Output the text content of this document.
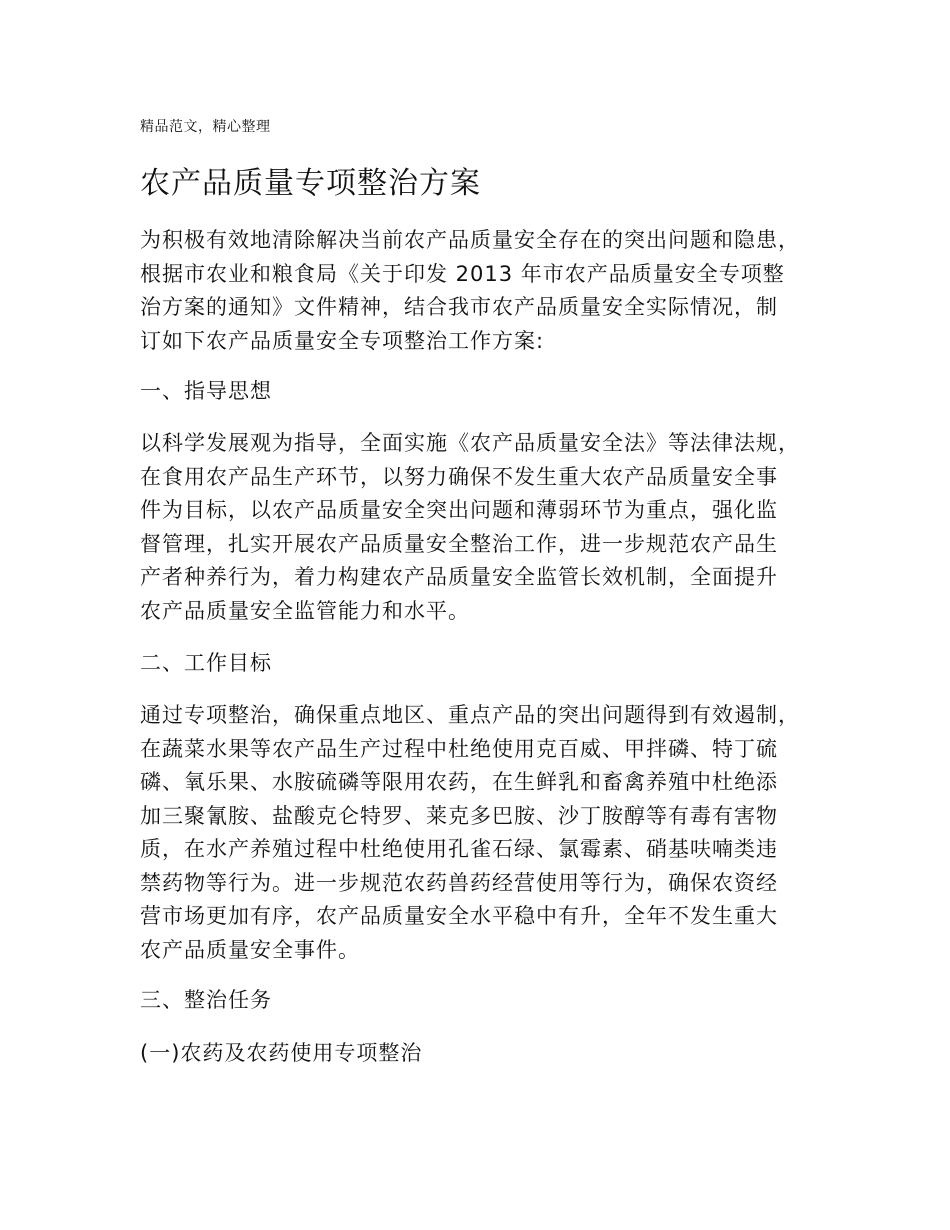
精品范文，精心整理
农产品质量专项整治方案

为积极有效地清除解决当前农产品质量安全存在的突出问题和隐患，
根据市农业和粮食局《关于印发 2013 年市农产品质量安全专项整
治方案的通知》文件精神，结合我市农产品质量安全实际情况，制
订如下农产品质量安全专项整治工作方案:

一、指导思想

以科学发展观为指导，全面实施《农产品质量安全法》等法律法规，
在食用农产品生产环节，以努力确保不发生重大农产品质量安全事
件为目标，以农产品质量安全突出问题和薄弱环节为重点，强化监
督管理，扎实开展农产品质量安全整治工作，进一步规范农产品生
产者种养行为，着力构建农产品质量安全监管长效机制，全面提升
农产品质量安全监管能力和水平。

二、工作目标

通过专项整治，确保重点地区、重点产品的突出问题得到有效遏制，
在蔬菜水果等农产品生产过程中杜绝使用克百威、甲拌磷、特丁硫
磷、氧乐果、水胺硫磷等限用农药，在生鲜乳和畜禽养殖中杜绝添
加三聚氰胺、盐酸克仑特罗、莱克多巴胺、沙丁胺醇等有毒有害物
质，在水产养殖过程中杜绝使用孔雀石绿、氯霉素、硝基呋喃类违
禁药物等行为。进一步规范农药兽药经营使用等行为，确保农资经
营市场更加有序，农产品质量安全水平稳中有升，全年不发生重大
农产品质量安全事件。

三、整治任务
(一)农药及农药使用专项整治
